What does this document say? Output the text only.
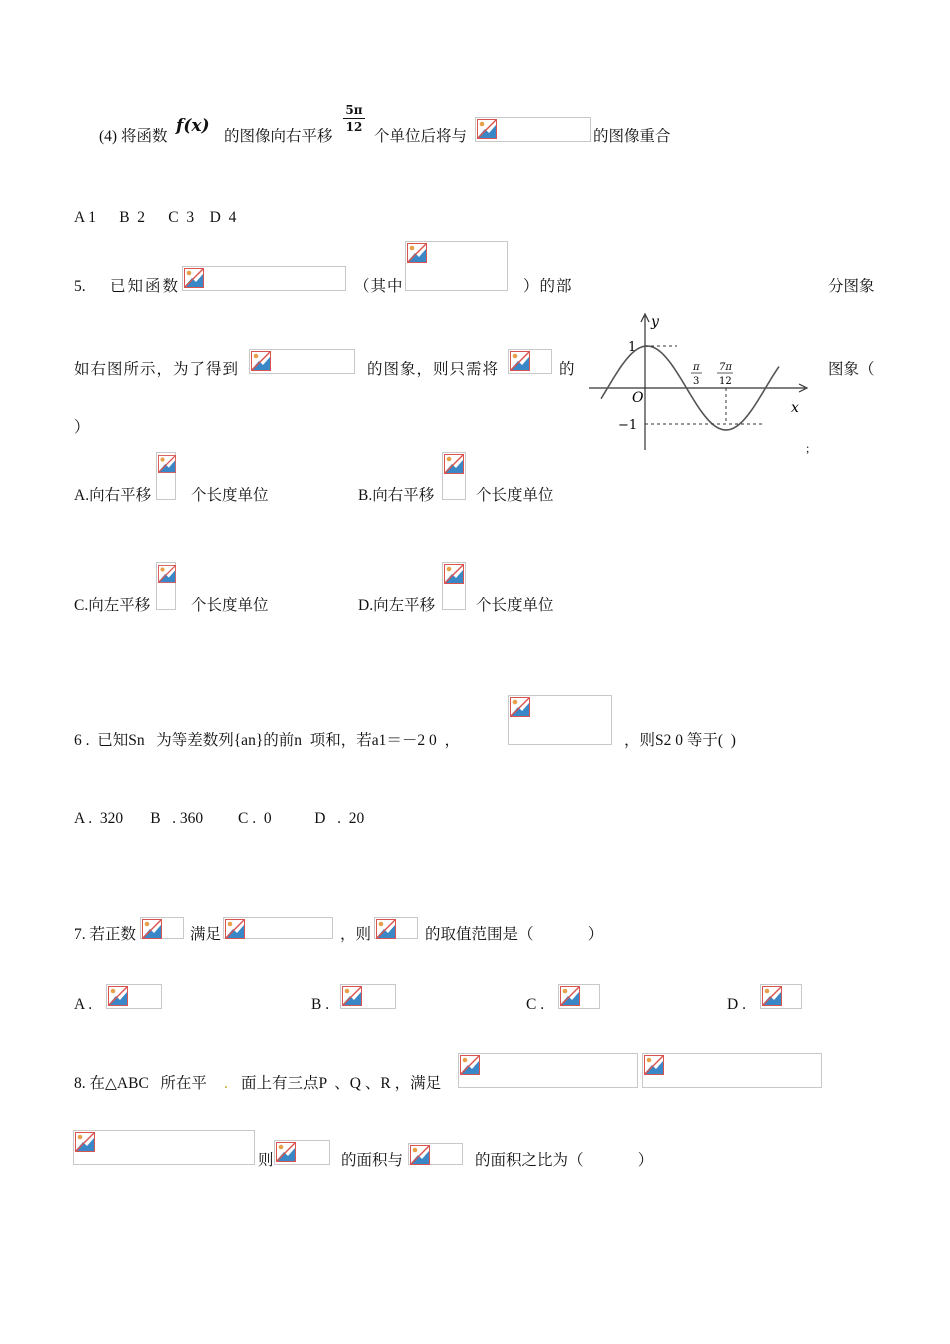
(4) 将函数
f(x)
的图像向右平移
5π
12
个单位后将与	的图像重合
A 1      B  2      C  3    D  4
5. 已知函数	（其中	）的部	分图象
如右图所示，为了得到	的图象，则只需将	的	图象（
）
y
x
O
1
−1
π
3
7π
12
;
A.向右平移	个长度单位	B.向右平移	个长度单位
C.向左平移	个长度单位	D.向左平移	个长度单位
6 .  已知Sn   为等差数列{an}的前n  项和，若a1＝－2 0  ，	，则S2 0 等于(  )
A .  320       B   . 360         C .  0           D   .  20
7. 若正数	满足	，则	的取值范围是（              ）
A .	B .	C .	D .
8. 在△ABC   所在平 . 面上有三点P  、Q 、R ，满足
则	的面积与	的面积之比为（              ）
